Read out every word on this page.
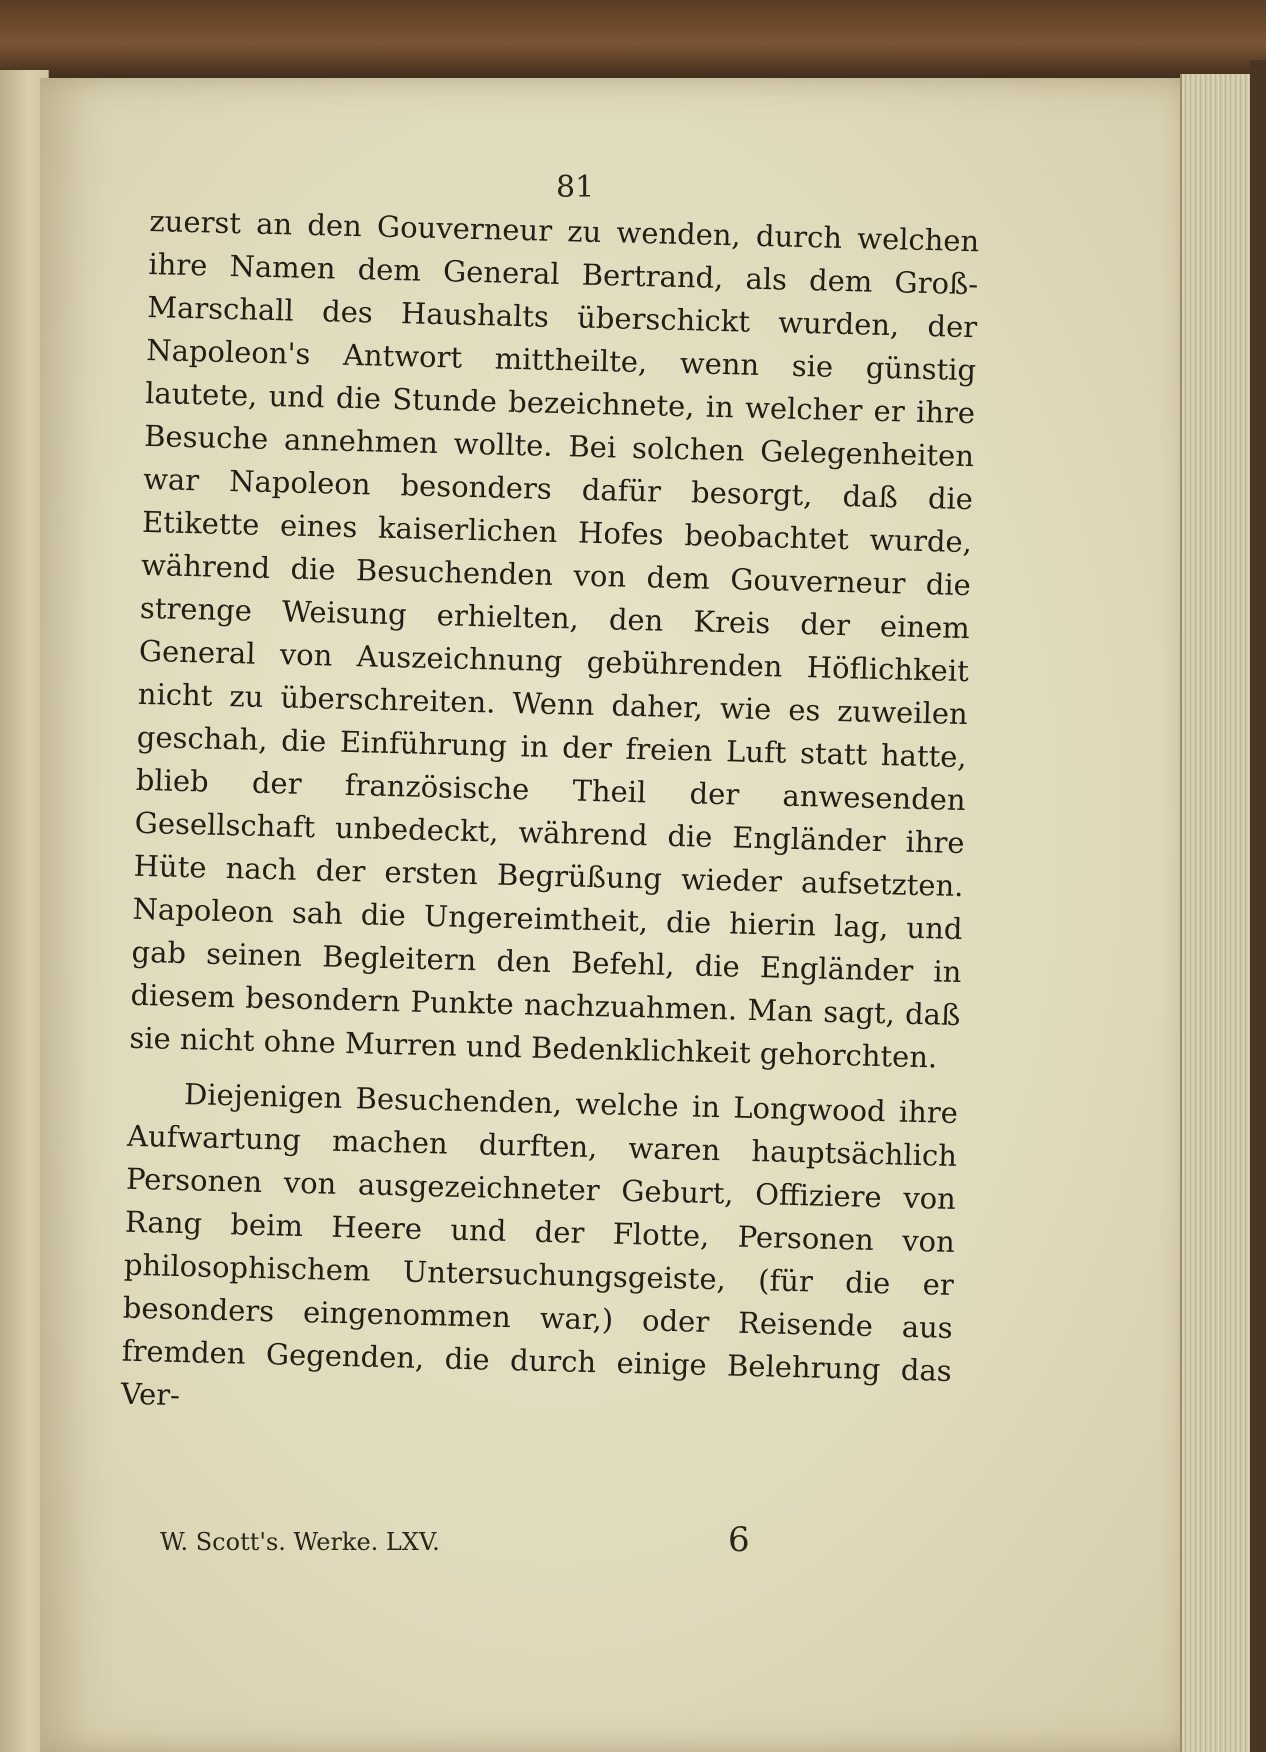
81

zuerst an den Gouverneur zu wenden, durch welchen ihre Namen dem General Bertrand, als dem Groß-Marschall des Haushalts überschickt wurden, der Napoleon's Antwort mittheilte, wenn sie günstig lautete, und die Stunde bezeichnete, in welcher er ihre Besuche annehmen wollte. Bei solchen Gelegenheiten war Napoleon besonders dafür besorgt, daß die Etikette eines kaiserlichen Hofes beobachtet wurde, während die Besuchenden von dem Gouverneur die strenge Weisung erhielten, den Kreis der einem General von Auszeichnung gebührenden Höflichkeit nicht zu überschreiten. Wenn daher, wie es zuweilen geschah, die Einführung in der freien Luft statt hatte, blieb der französische Theil der anwesenden Gesellschaft unbedeckt, während die Engländer ihre Hüte nach der ersten Begrüßung wieder aufsetzten. Napoleon sah die Ungereimtheit, die hierin lag, und gab seinen Begleitern den Befehl, die Engländer in diesem besondern Punkte nachzuahmen. Man sagt, daß sie nicht ohne Murren und Bedenklichkeit gehorchten.

Diejenigen Besuchenden, welche in Longwood ihre Aufwartung machen durften, waren hauptsächlich Personen von ausgezeichneter Geburt, Offiziere von Rang beim Heere und der Flotte, Personen von philosophischem Untersuchungsgeiste, (für die er besonders eingenommen war,) oder Reisende aus fremden Gegenden, die durch einige Belehrung das Ver-

W. Scott's. Werke. LXV.	6
